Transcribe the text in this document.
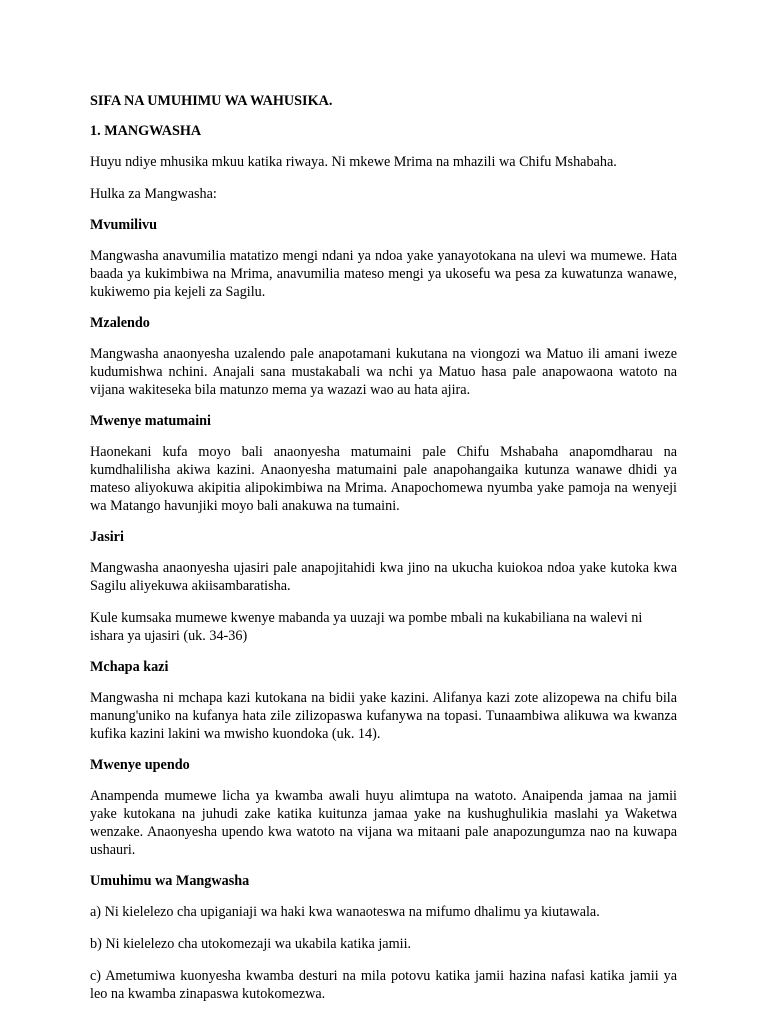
SIFA NA UMUHIMU WA WAHUSIKA.
1. MANGWASHA
Huyu ndiye mhusika mkuu katika riwaya. Ni mkewe Mrima na mhazili wa Chifu Mshabaha.
Hulka za Mangwasha:
Mvumilivu
Mangwasha anavumilia matatizo mengi ndani ya ndoa yake yanayotokana na ulevi wa mumewe. Hata baada ya kukimbiwa na Mrima, anavumilia mateso mengi ya ukosefu wa pesa za kuwatunza wanawe, kukiwemo pia kejeli za Sagilu.
Mzalendo
Mangwasha anaonyesha uzalendo pale anapotamani kukutana na viongozi wa Matuo ili amani iweze kudumishwa nchini. Anajali sana mustakabali wa nchi ya Matuo hasa pale anapowaona watoto na vijana wakiteseka bila matunzo mema ya wazazi wao au hata ajira.
Mwenye matumaini
Haonekani kufa moyo bali anaonyesha matumaini pale Chifu Mshabaha anapomdharau na kumdhalilisha akiwa kazini. Anaonyesha matumaini pale anapohangaika kutunza wanawe dhidi ya mateso aliyokuwa akipitia alipokimbiwa na Mrima. Anapochomewa nyumba yake pamoja na wenyeji wa Matango havunjiki moyo bali anakuwa na tumaini.
Jasiri
Mangwasha anaonyesha ujasiri pale anapojitahidi kwa jino na ukucha kuiokoa ndoa yake kutoka kwa Sagilu aliyekuwa akiisambaratisha.
Kule kumsaka mumewe kwenye mabanda ya uuzaji wa pombe mbali na kukabiliana na walevi ni ishara ya ujasiri (uk. 34-36)
Mchapa kazi
Mangwasha ni mchapa kazi kutokana na bidii yake kazini. Alifanya kazi zote alizopewa na chifu bila manung'uniko na kufanya hata zile zilizopaswa kufanywa na topasi. Tunaambiwa alikuwa wa kwanza kufika kazini lakini wa mwisho kuondoka (uk. 14).
Mwenye upendo
Anampenda mumewe licha ya kwamba awali huyu alimtupa na watoto. Anaipenda jamaa na jamii yake kutokana na juhudi zake katika kuitunza jamaa yake na kushughulikia maslahi ya Waketwa wenzake. Anaonyesha upendo kwa watoto na vijana wa mitaani pale anapozungumza nao na kuwapa ushauri.
Umuhimu wa Mangwasha
a) Ni kielelezo cha upiganiaji wa haki kwa wanaoteswa na mifumo dhalimu ya kiutawala.
b) Ni kielelezo cha utokomezaji wa ukabila katika jamii.
c) Ametumiwa kuonyesha kwamba desturi na mila potovu katika jamii hazina nafasi katika jamii ya leo na kwamba zinapaswa kutokomezwa.
